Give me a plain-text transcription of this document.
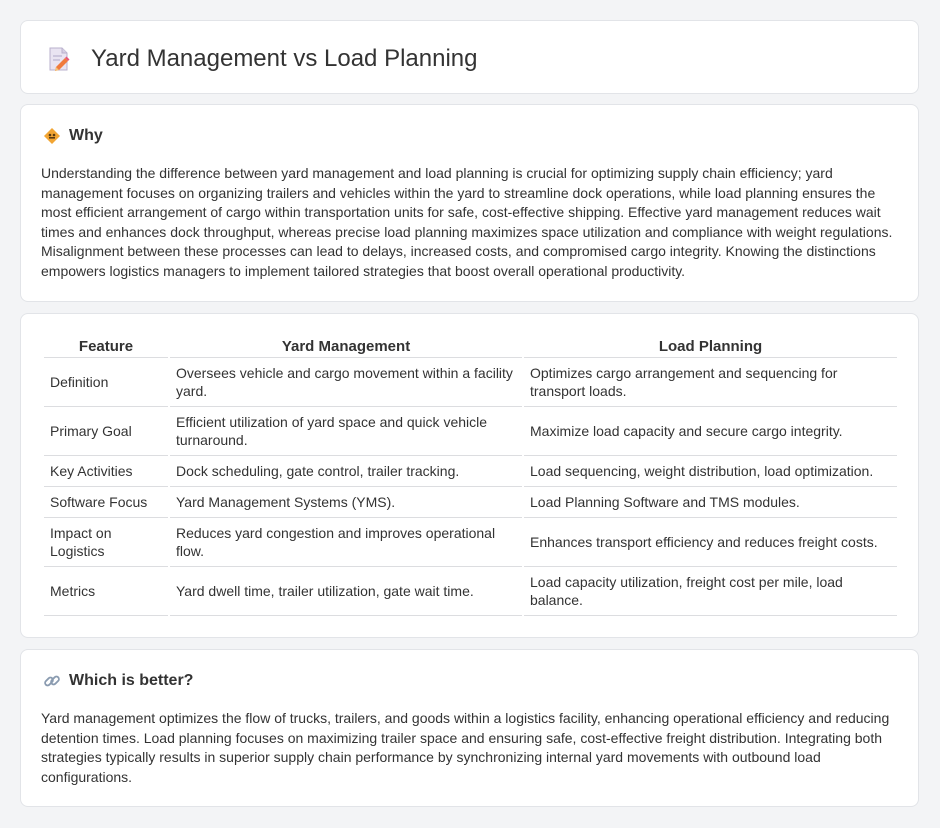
Yard Management vs Load Planning
Why

Understanding the difference between yard management and load planning is crucial for optimizing supply chain efficiency; yard management focuses on organizing trailers and vehicles within the yard to streamline dock operations, while load planning ensures the most efficient arrangement of cargo within transportation units for safe, cost-effective shipping. Effective yard management reduces wait times and enhances dock throughput, whereas precise load planning maximizes space utilization and compliance with weight regulations. Misalignment between these processes can lead to delays, increased costs, and compromised cargo integrity. Knowing the distinctions empowers logistics managers to implement tailored strategies that boost overall operational productivity.

Feature	Yard Management	Load Planning
Definition	Oversees vehicle and cargo movement within a facility yard.	Optimizes cargo arrangement and sequencing for transport loads.
Primary Goal	Efficient utilization of yard space and quick vehicle turnaround.	Maximize load capacity and secure cargo integrity.
Key Activities	Dock scheduling, gate control, trailer tracking.	Load sequencing, weight distribution, load optimization.
Software Focus	Yard Management Systems (YMS).	Load Planning Software and TMS modules.
Impact on Logistics	Reduces yard congestion and improves operational flow.	Enhances transport efficiency and reduces freight costs.
Metrics	Yard dwell time, trailer utilization, gate wait time.	Load capacity utilization, freight cost per mile, load balance.
Which is better?

Yard management optimizes the flow of trucks, trailers, and goods within a logistics facility, enhancing operational efficiency and reducing detention times. Load planning focuses on maximizing trailer space and ensuring safe, cost-effective freight distribution. Integrating both strategies typically results in superior supply chain performance by synchronizing internal yard movements with outbound load configurations.
